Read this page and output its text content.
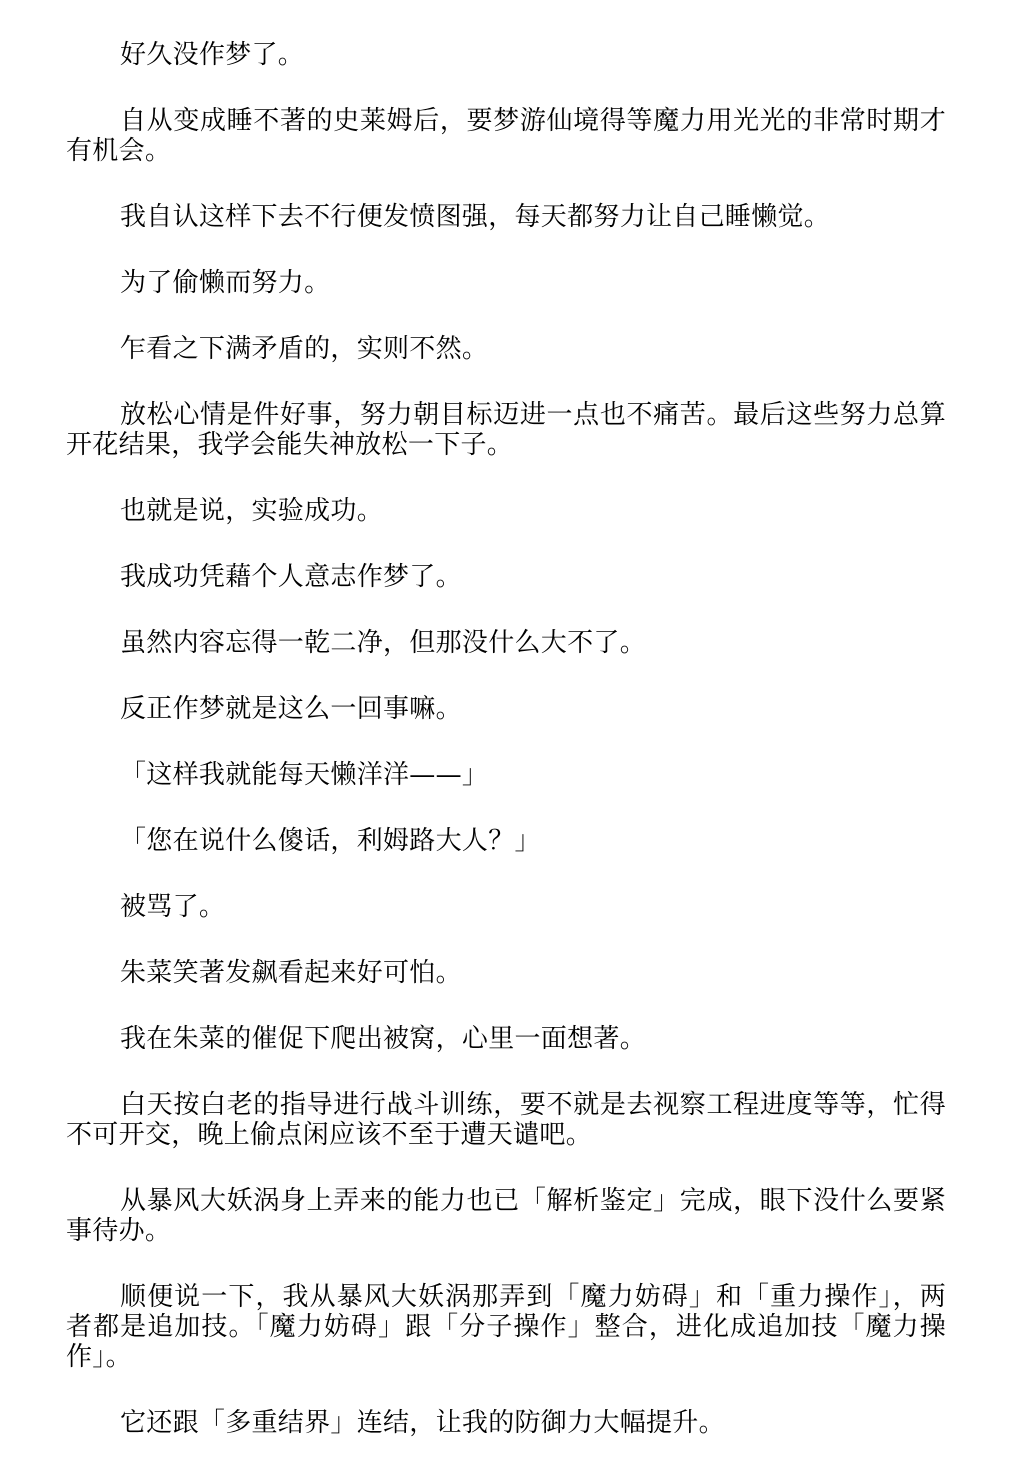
好久没作梦了。

自从变成睡不著的史莱姆后，要梦游仙境得等魔力用光光的非常时期才有机会。

我自认这样下去不行便发愤图强，每天都努力让自己睡懒觉。

为了偷懒而努力。

乍看之下满矛盾的，实则不然。

放松心情是件好事，努力朝目标迈进一点也不痛苦。最后这些努力总算开花结果，我学会能失神放松一下子。

也就是说，实验成功。

我成功凭藉个人意志作梦了。

虽然内容忘得一乾二净，但那没什么大不了。

反正作梦就是这么一回事嘛。

「这样我就能每天懒洋洋——」

「您在说什么傻话，利姆路大人？」

被骂了。

朱菜笑著发飙看起来好可怕。

我在朱菜的催促下爬出被窝，心里一面想著。

白天按白老的指导进行战斗训练，要不就是去视察工程进度等等，忙得不可开交，晚上偷点闲应该不至于遭天谴吧。

从暴风大妖涡身上弄来的能力也已「解析鉴定」完成，眼下没什么要紧事待办。

顺便说一下，我从暴风大妖涡那弄到「魔力妨碍」和「重力操作」，两者都是追加技。「魔力妨碍」跟「分子操作」整合，进化成追加技「魔力操作」。

它还跟「多重结界」连结，让我的防御力大幅提升。
